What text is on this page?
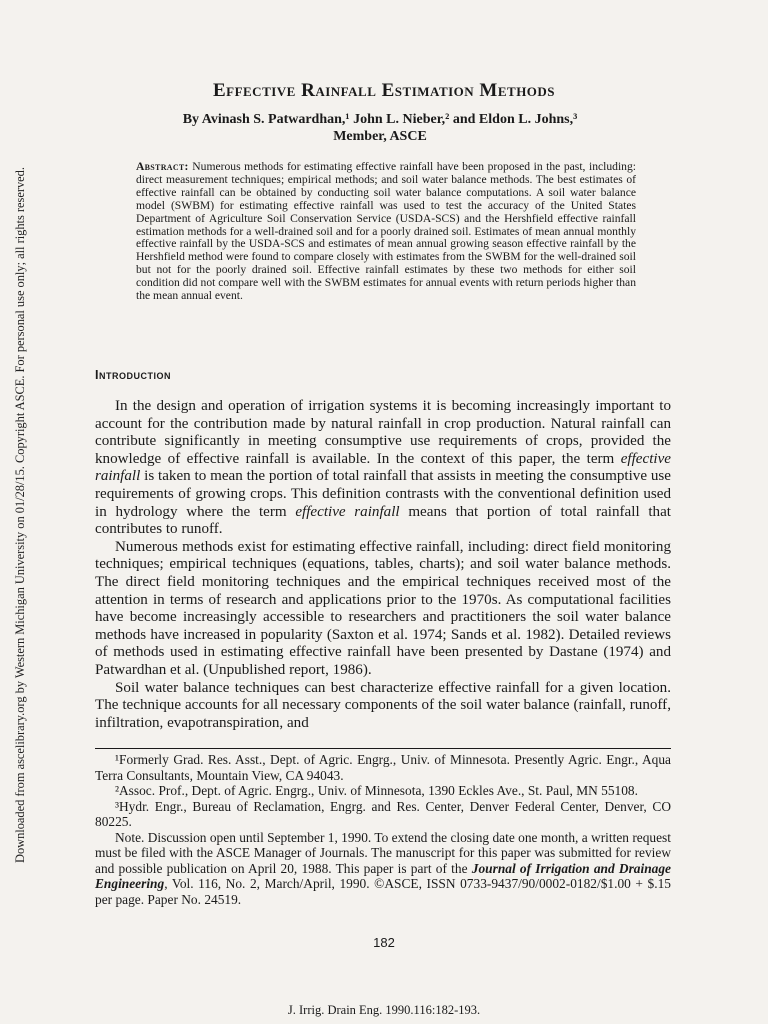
Downloaded from ascelibrary.org by Western Michigan University on 01/28/15. Copyright ASCE. For personal use only; all rights reserved.
Effective Rainfall Estimation Methods
By Avinash S. Patwardhan,¹ John L. Nieber,² and Eldon L. Johns,³
Member, ASCE
Abstract: Numerous methods for estimating effective rainfall have been proposed in the past, including: direct measurement techniques; empirical methods; and soil water balance methods. The best estimates of effective rainfall can be obtained by conducting soil water balance computations. A soil water balance model (SWBM) for estimating effective rainfall was used to test the accuracy of the United States Department of Agriculture Soil Conservation Service (USDA-SCS) and the Hershfield effective rainfall estimation methods for a well-drained soil and for a poorly drained soil. Estimates of mean annual monthly effective rainfall by the USDA-SCS and estimates of mean annual growing season effective rainfall by the Hershfield method were found to compare closely with estimates from the SWBM for the well-drained soil but not for the poorly drained soil. Effective rainfall estimates by these two methods for either soil condition did not compare well with the SWBM estimates for annual events with return periods higher than the mean annual event.
Introduction

In the design and operation of irrigation systems it is becoming increasingly important to account for the contribution made by natural rainfall in crop production. Natural rainfall can contribute significantly in meeting consumptive use requirements of crops, provided the knowledge of effective rainfall is available. In the context of this paper, the term effective rainfall is taken to mean the portion of total rainfall that assists in meeting the consumptive use requirements of growing crops. This definition contrasts with the conventional definition used in hydrology where the term effective rainfall means that portion of total rainfall that contributes to runoff.

Numerous methods exist for estimating effective rainfall, including: direct field monitoring techniques; empirical techniques (equations, tables, charts); and soil water balance methods. The direct field monitoring techniques and the empirical techniques received most of the attention in terms of research and applications prior to the 1970s. As computational facilities have become increasingly accessible to researchers and practitioners the soil water balance methods have increased in popularity (Saxton et al. 1974; Sands et al. 1982). Detailed reviews of methods used in estimating effective rainfall have been presented by Dastane (1974) and Patwardhan et al. (Unpublished report, 1986).

Soil water balance techniques can best characterize effective rainfall for a given location. The technique accounts for all necessary components of the soil water balance (rainfall, runoff, infiltration, evapotranspiration, and

¹Formerly Grad. Res. Asst., Dept. of Agric. Engrg., Univ. of Minnesota. Presently Agric. Engr., Aqua Terra Consultants, Mountain View, CA 94043.

²Assoc. Prof., Dept. of Agric. Engrg., Univ. of Minnesota, 1390 Eckles Ave., St. Paul, MN 55108.

³Hydr. Engr., Bureau of Reclamation, Engrg. and Res. Center, Denver Federal Center, Denver, CO 80225.

Note. Discussion open until September 1, 1990. To extend the closing date one month, a written request must be filed with the ASCE Manager of Journals. The manuscript for this paper was submitted for review and possible publication on April 20, 1988. This paper is part of the Journal of Irrigation and Drainage Engineering, Vol. 116, No. 2, March/April, 1990. ©ASCE, ISSN 0733-9437/90/0002-0182/$1.00 + $.15 per page. Paper No. 24519.

182
J. Irrig. Drain Eng. 1990.116:182-193.
